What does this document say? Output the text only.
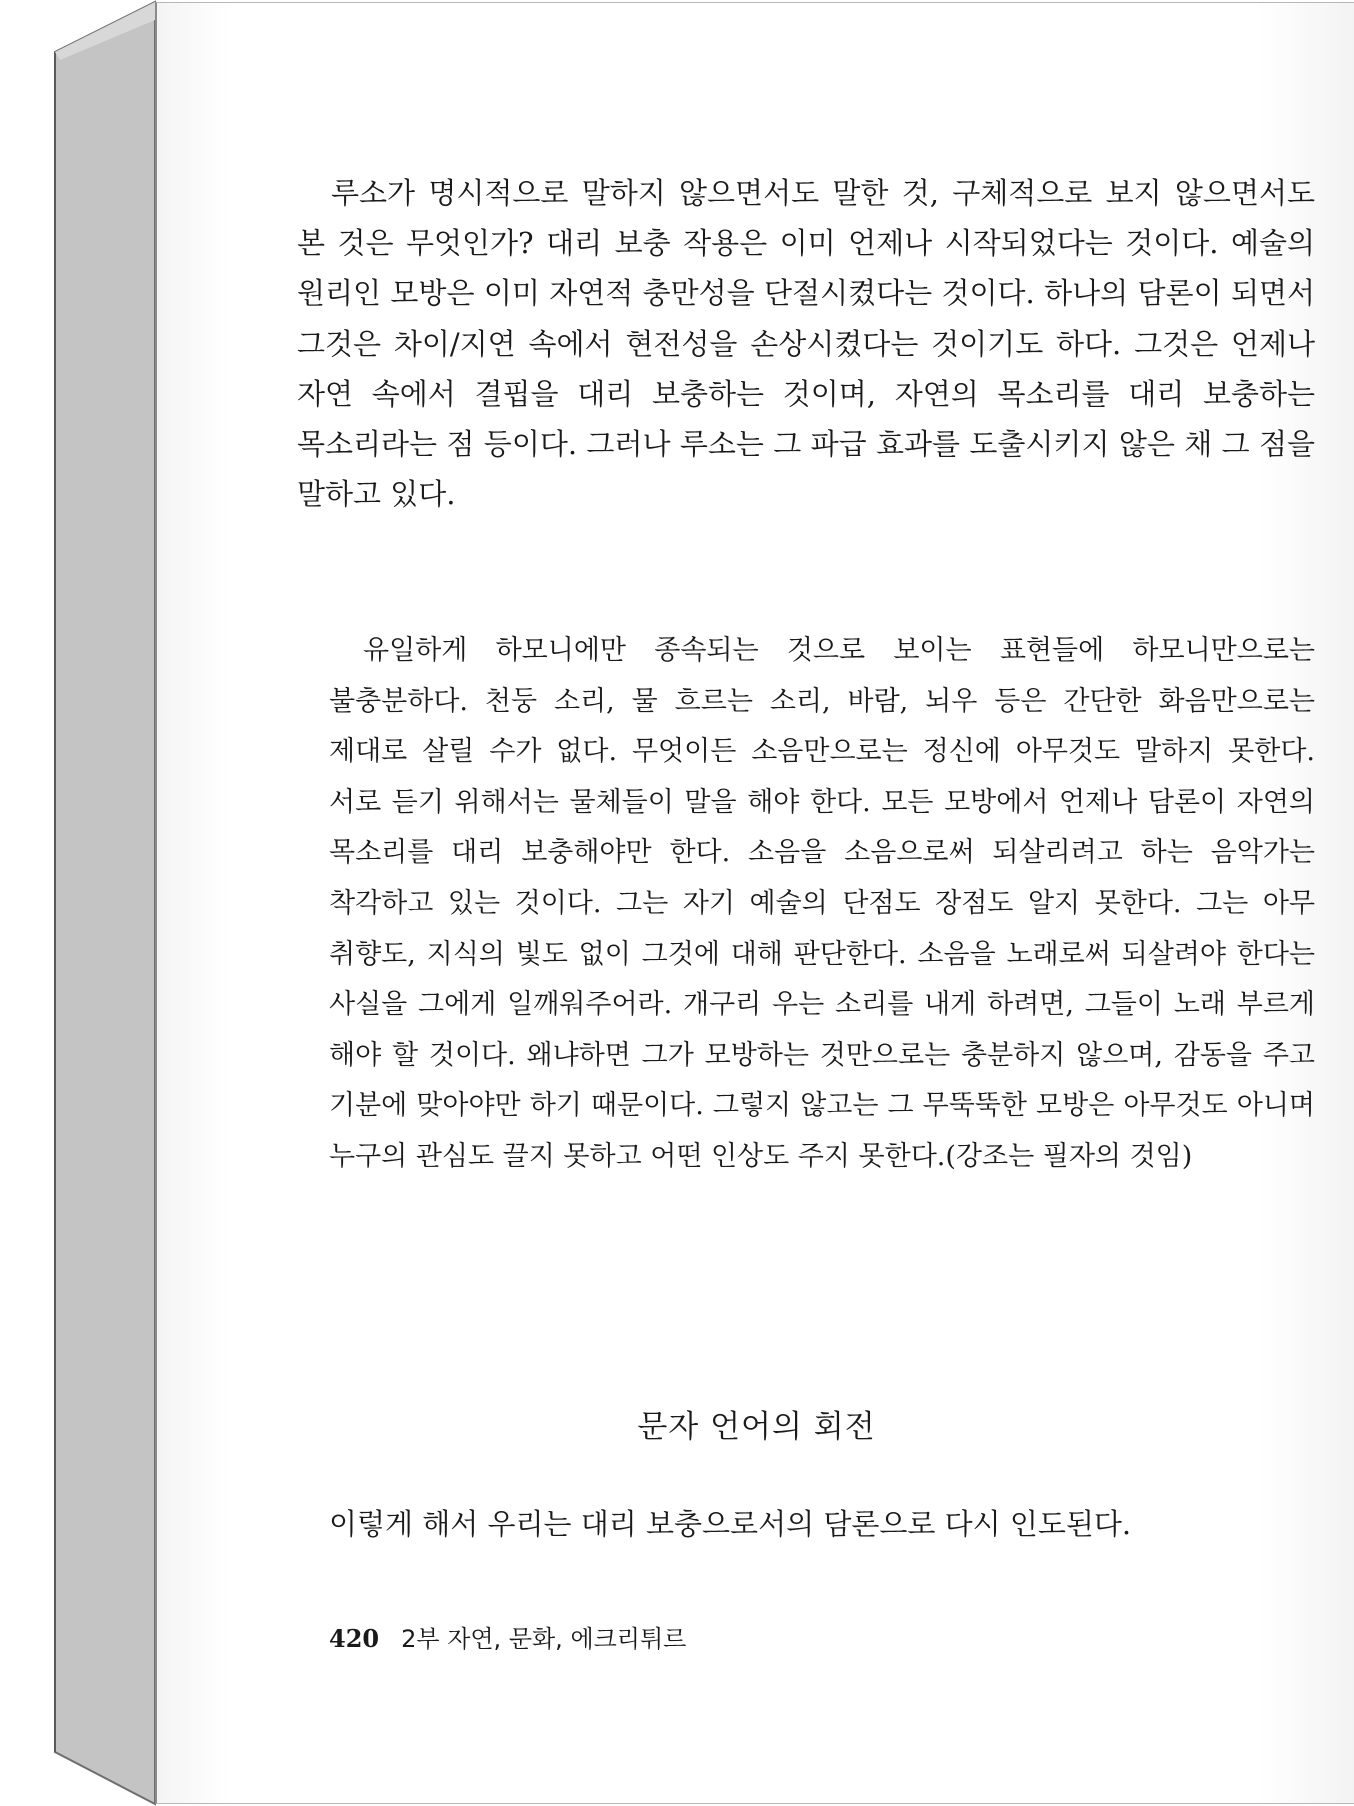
루소가 명시적으로 말하지 않으면서도 말한 것, 구체적으로 보지 않으면서도 본 것은 무엇인가? 대리 보충 작용은 이미 언제나 시작되었다는 것이다. 예술의 원리인 모방은 이미 자연적 충만성을 단절시켰다는 것이다. 하나의 담론이 되면서 그것은 차이/지연 속에서 현전성을 손상시켰다는 것이기도 하다. 그것은 언제나 자연 속에서 결핍을 대리 보충하는 것이며, 자연의 목소리를 대리 보충하는 목소리라는 점 등이다. 그러나 루소는 그 파급 효과를 도출시키지 않은 채 그 점을 말하고 있다.

유일하게 하모니에만 종속되는 것으로 보이는 표현들에 하모니만으로는 불충분하다. 천둥 소리, 물 흐르는 소리, 바람, 뇌우 등은 간단한 화음만으로는 제대로 살릴 수가 없다. 무엇이든 소음만으로는 정신에 아무것도 말하지 못한다. 서로 듣기 위해서는 물체들이 말을 해야 한다. 모든 모방에서 언제나 담론이 자연의 목소리를 대리 보충해야만 한다. 소음을 소음으로써 되살리려고 하는 음악가는 착각하고 있는 것이다. 그는 자기 예술의 단점도 장점도 알지 못한다. 그는 아무 취향도, 지식의 빛도 없이 그것에 대해 판단한다. 소음을 노래로써 되살려야 한다는 사실을 그에게 일깨워주어라. 개구리 우는 소리를 내게 하려면, 그들이 노래 부르게 해야 할 것이다. 왜냐하면 그가 모방하는 것만으로는 충분하지 않으며, 감동을 주고 기분에 맞아야만 하기 때문이다. 그렇지 않고는 그 무뚝뚝한 모방은 아무것도 아니며 누구의 관심도 끌지 못하고 어떤 인상도 주지 못한다.(강조는 필자의 것임)

문자 언어의 회전

이렇게 해서 우리는 대리 보충으로서의 담론으로 다시 인도된다.

420 2부 자연, 문화, 에크리튀르
